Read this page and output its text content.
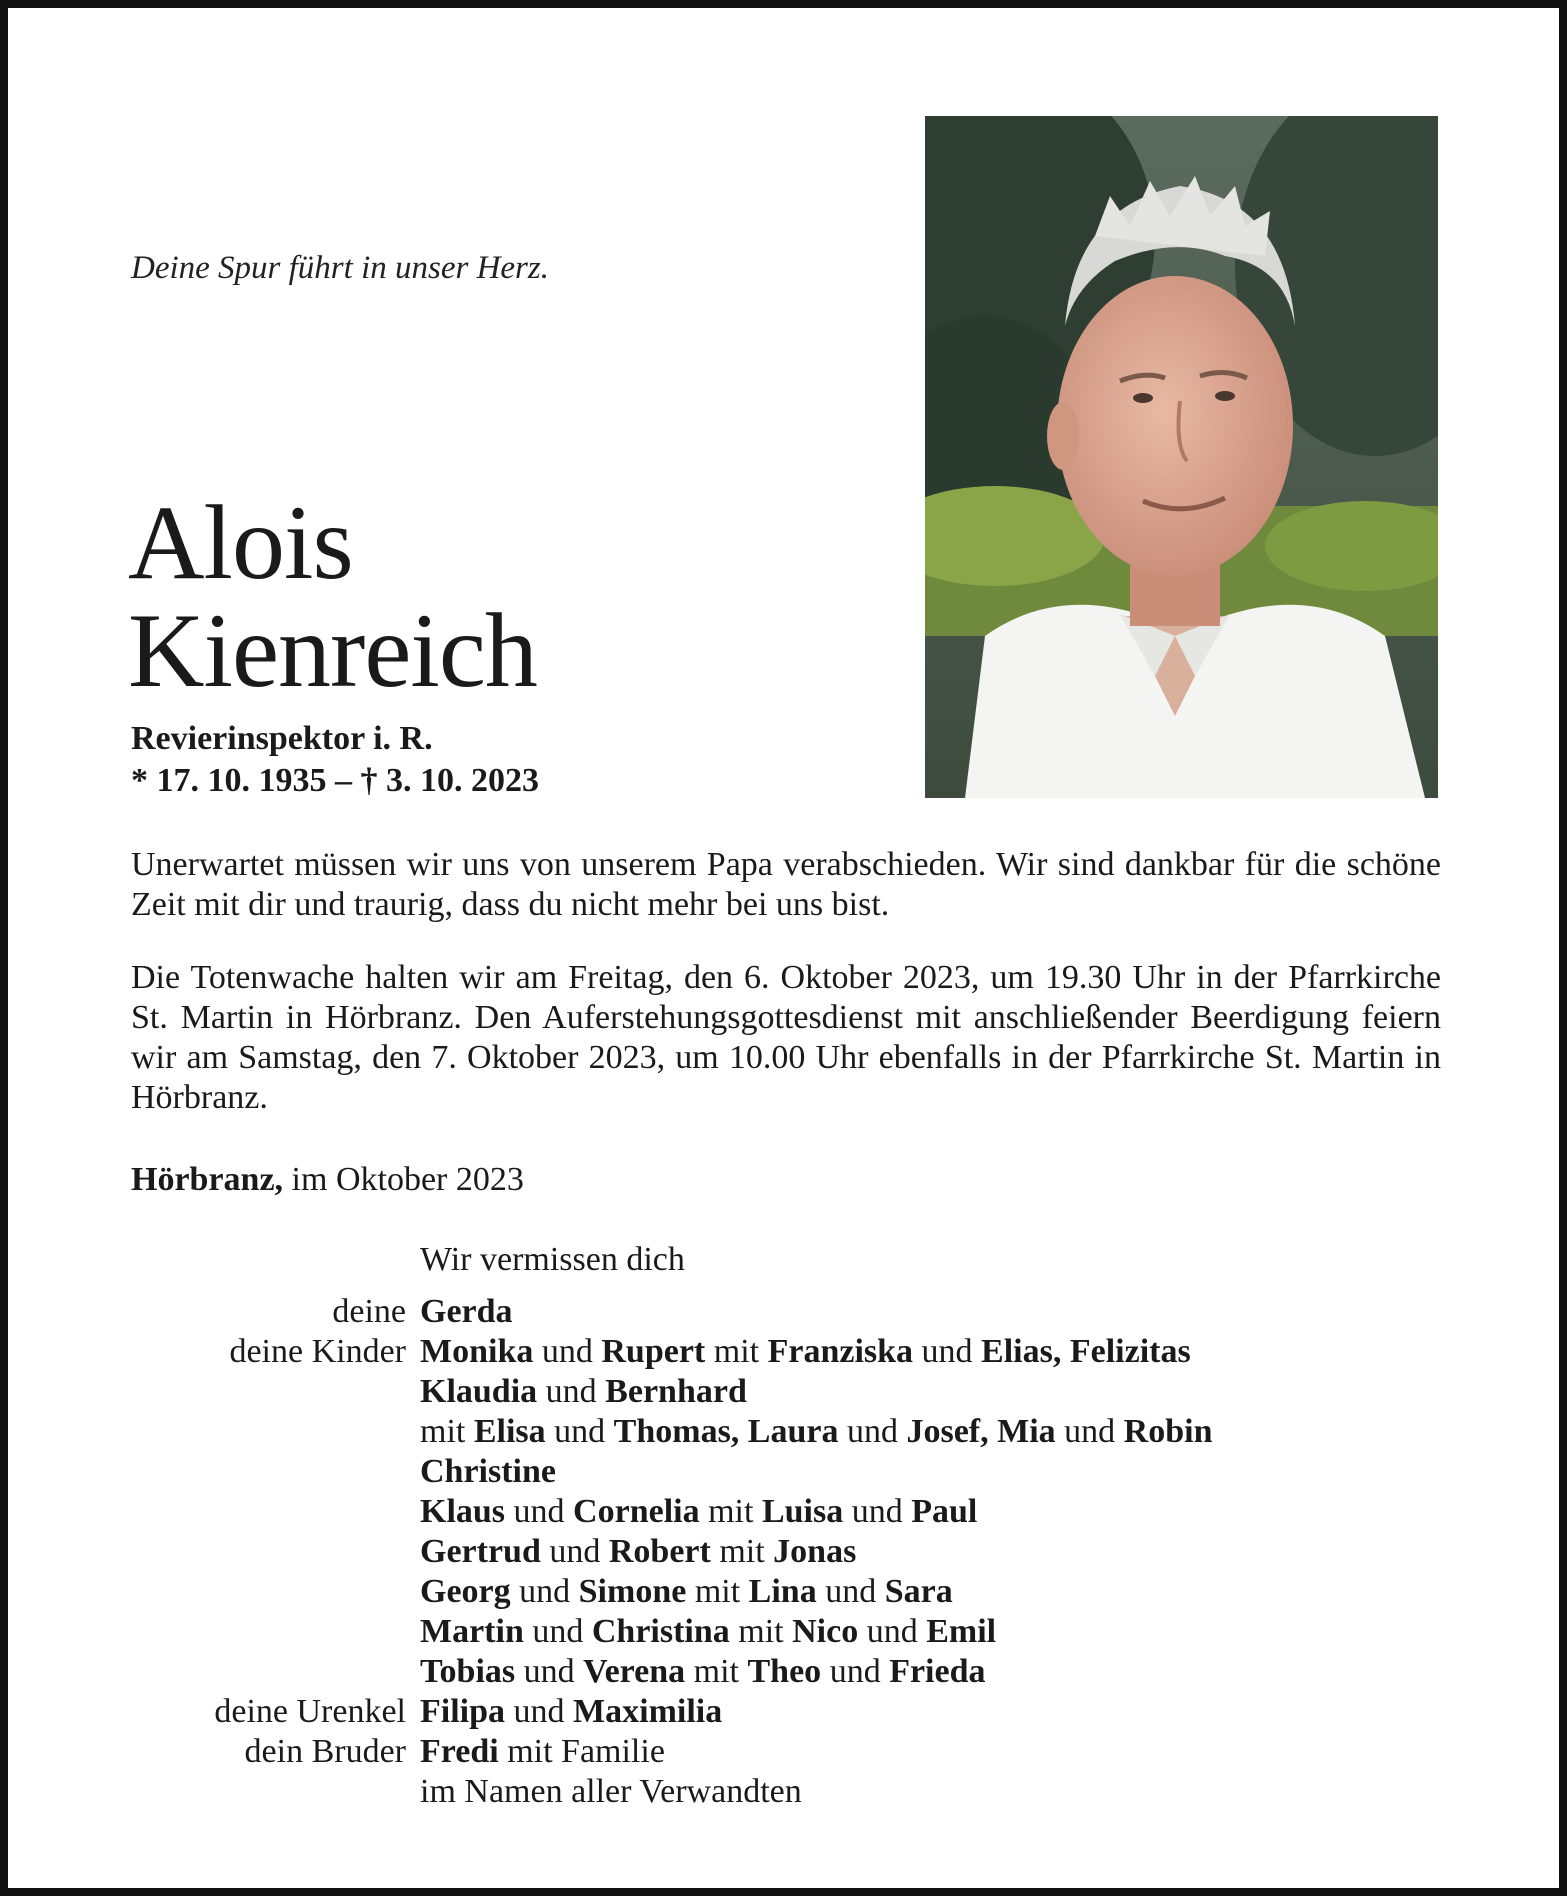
Deine Spur führt in unser Herz.
Alois
Kienreich
Revierinspektor i. R.
* 17. 10. 1935 – † 3. 10. 2023
Unerwartet müssen wir uns von unserem Papa verabschieden. Wir sind dankbar für die schöne Zeit mit dir und traurig, dass du nicht mehr bei uns bist.
Die Totenwache halten wir am Freitag, den 6. Oktober 2023, um 19.30 Uhr in der Pfarrkirche St. Martin in Hörbranz. Den Auferstehungsgottesdienst mit anschließender Beerdigung feiern wir am Samstag, den 7. Oktober 2023, um 10.00 Uhr ebenfalls in der Pfarrkirche St. Martin in Hörbranz.
Hörbranz, im Oktober 2023
Wir vermissen dich
deine Gerda
deine Kinder Monika und Rupert mit Franziska und Elias, Felizitas
Klaudia und Bernhard
mit Elisa und Thomas, Laura und Josef, Mia und Robin
Christine
Klaus und Cornelia mit Luisa und Paul
Gertrud und Robert mit Jonas
Georg und Simone mit Lina und Sara
Martin und Christina mit Nico und Emil
Tobias und Verena mit Theo und Frieda
deine Urenkel Filipa und Maximilia
dein Bruder Fredi mit Familie
im Namen aller Verwandten
